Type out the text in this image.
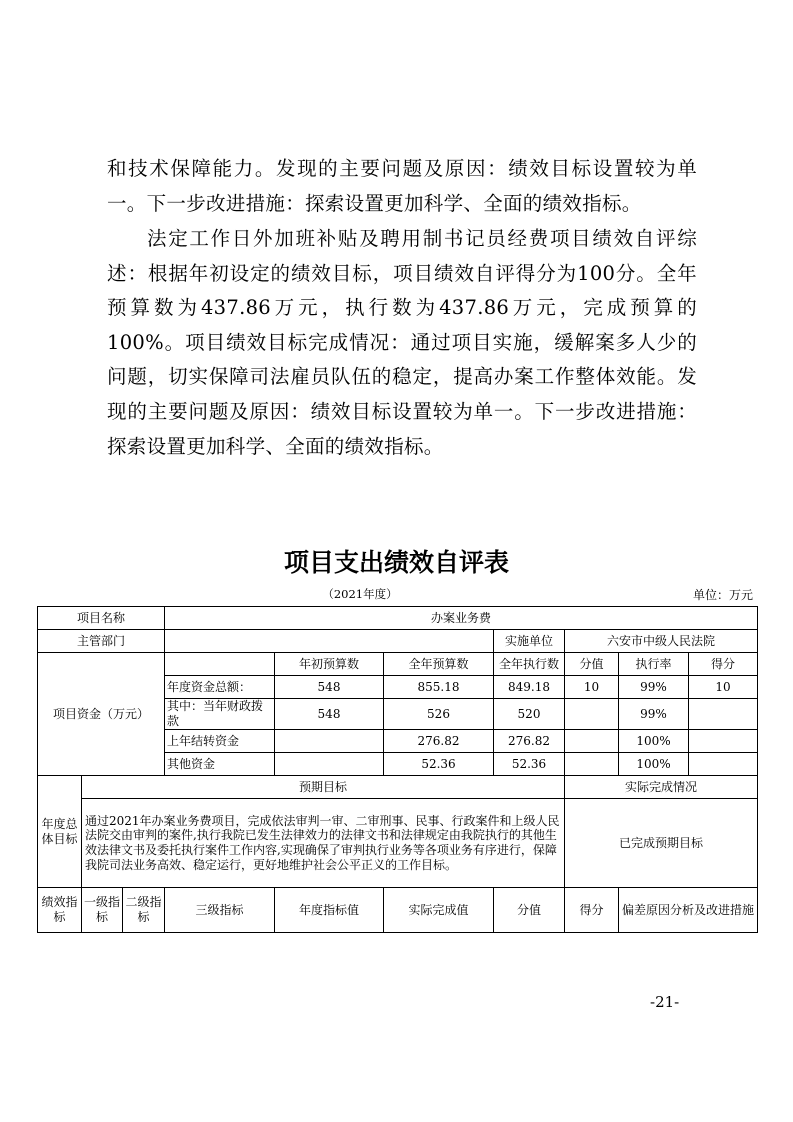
和技术保障能力。发现的主要问题及原因：绩效目标设置较为单一。下一步改进措施：探索设置更加科学、全面的绩效指标。

法定工作日外加班补贴及聘用制书记员经费项目绩效自评综述：根据年初设定的绩效目标，项目绩效自评得分为100分。全年预算数为437.86万元，执行数为437.86万元，完成预算的100%。项目绩效目标完成情况：通过项目实施，缓解案多人少的问题，切实保障司法雇员队伍的稳定，提高办案工作整体效能。发现的主要问题及原因：绩效目标设置较为单一。下一步改进措施：探索设置更加科学、全面的绩效指标。

项目支出绩效自评表
（2021年度）	单位：万元
项目名称			办案业务费						
主管部门						实施单位	六安市中级人民法院		
项目资金（万元）				年初预算数	全年预算数	全年执行数	分值	执行率	得分
			年度资金总额：	548	855.18	849.18	10	99%	10
			其中：当年财政拨款	548	526	520		99%	
			上年结转资金		276.82	276.82		100%	
			其他资金		52.36	52.36		100%	
年度总体目标	预期目标						实际完成情况		
	通过2021年办案业务费项目，完成依法审判一审、二审刑事、民事、行政案件和上级人民法院交由审判的案件,执行我院已发生法律效力的法律文书和法律规定由我院执行的其他生效法律文书及委托执行案件工作内容,实现确保了审判执行业务等各项业务有序进行，保障我院司法业务高效、稳定运行，更好地维护社会公平正义的工作目标。						已完成预期目标		
绩效指标	一级指标	二级指标	三级指标	年度指标值	实际完成值	分值	得分	偏差原因分析及改进措施	
-21-
